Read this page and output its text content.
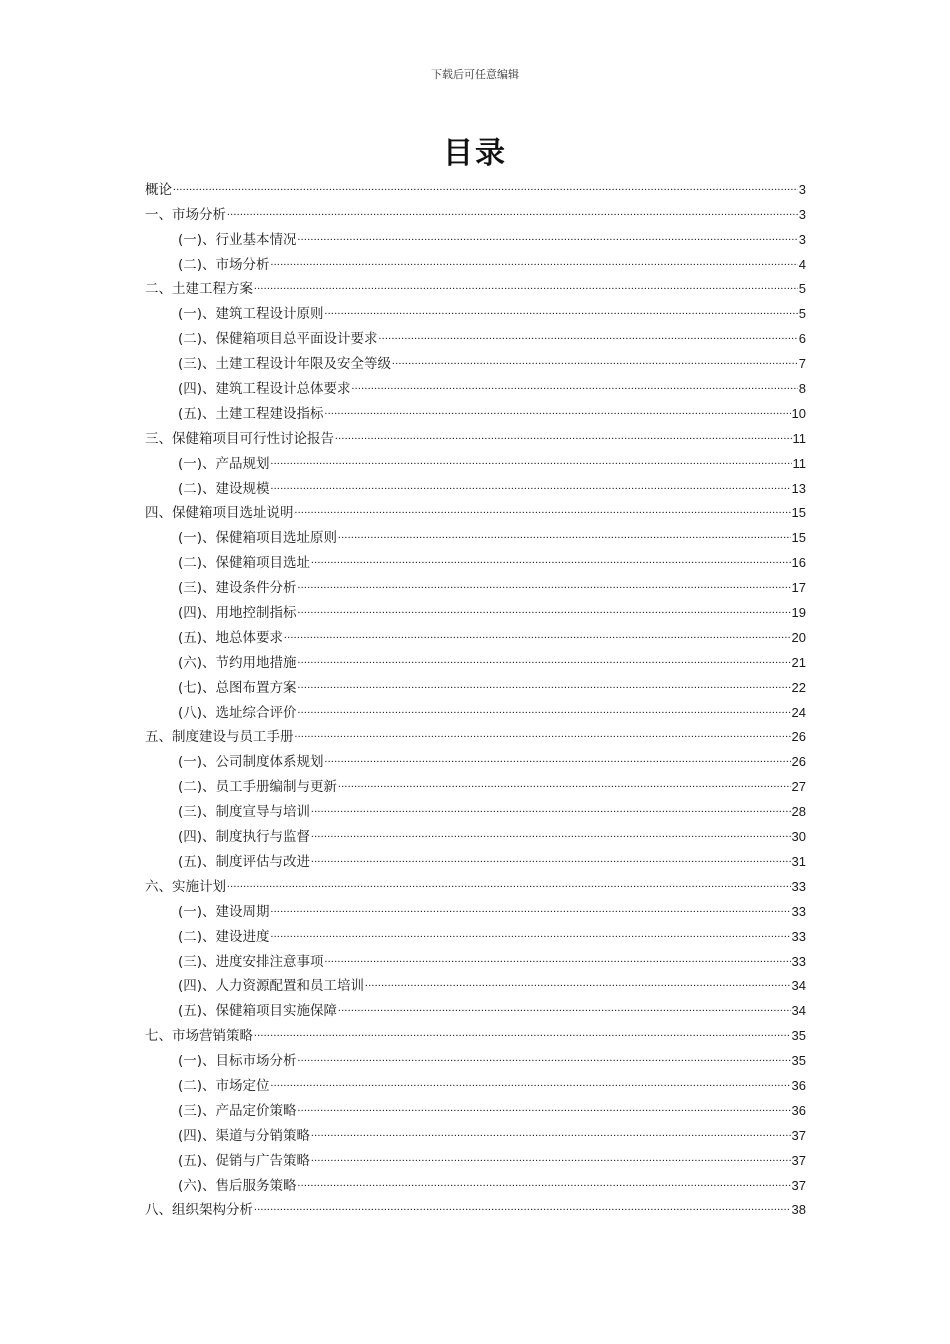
下载后可任意编辑
目录
概论 .....	3
一、市场分析 .....	3
(一)、行业基本情况 .....	3
(二)、市场分析 .....	4
二、土建工程方案 .....	5
(一)、建筑工程设计原则 .....	5
(二)、保健箱项目总平面设计要求 .....	6
(三)、土建工程设计年限及安全等级 .....	7
(四)、建筑工程设计总体要求 .....	8
(五)、土建工程建设指标 .....	10
三、保健箱项目可行性讨论报告 .....	11
(一)、产品规划 .....	11
(二)、建设规模 .....	13
四、保健箱项目选址说明 .....	15
(一)、保健箱项目选址原则 .....	15
(二)、保健箱项目选址 .....	16
(三)、建设条件分析 .....	17
(四)、用地控制指标 .....	19
(五)、地总体要求 .....	20
(六)、节约用地措施 .....	21
(七)、总图布置方案 .....	22
(八)、选址综合评价 .....	24
五、制度建设与员工手册 .....	26
(一)、公司制度体系规划 .....	26
(二)、员工手册编制与更新 .....	27
(三)、制度宣导与培训 .....	28
(四)、制度执行与监督 .....	30
(五)、制度评估与改进 .....	31
六、实施计划 .....	33
(一)、建设周期 .....	33
(二)、建设进度 .....	33
(三)、进度安排注意事项 .....	33
(四)、人力资源配置和员工培训 .....	34
(五)、保健箱项目实施保障 .....	34
七、市场营销策略 .....	35
(一)、目标市场分析 .....	35
(二)、市场定位 .....	36
(三)、产品定价策略 .....	36
(四)、渠道与分销策略 .....	37
(五)、促销与广告策略 .....	37
(六)、售后服务策略 .....	37
八、组织架构分析 .....	38
